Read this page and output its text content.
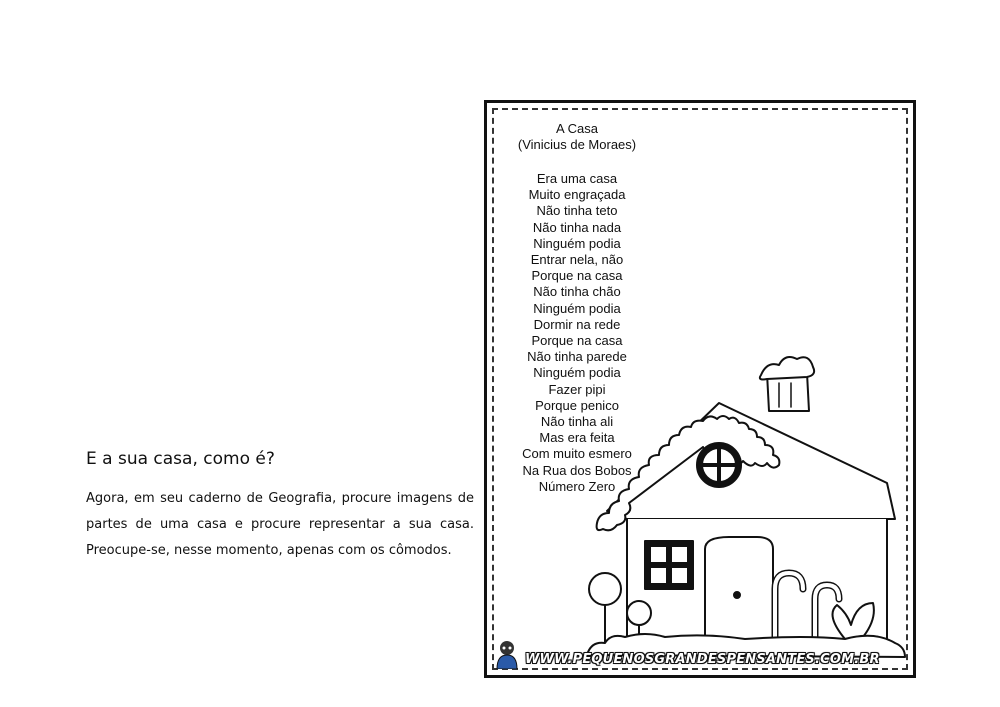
E a sua casa, como é?
Agora, em seu caderno de Geografia, procure imagens de partes de uma casa e procure representar a sua casa. Preocupe-se, nesse momento, apenas com os cômodos.
A Casa
(Vinicius de Moraes)
Era uma casa
Muito engraçada
Não tinha teto
Não tinha nada
Ninguém podia
Entrar nela, não
Porque na casa
Não tinha chão
Ninguém podia
Dormir na rede
Porque na casa
Não tinha parede
Ninguém podia
Fazer pipi
Porque penico
Não tinha ali
Mas era feita
Com muito esmero
Na Rua dos Bobos
Número Zero
WWW.PEQUENOSGRANDESPENSANTES.COM.BR
